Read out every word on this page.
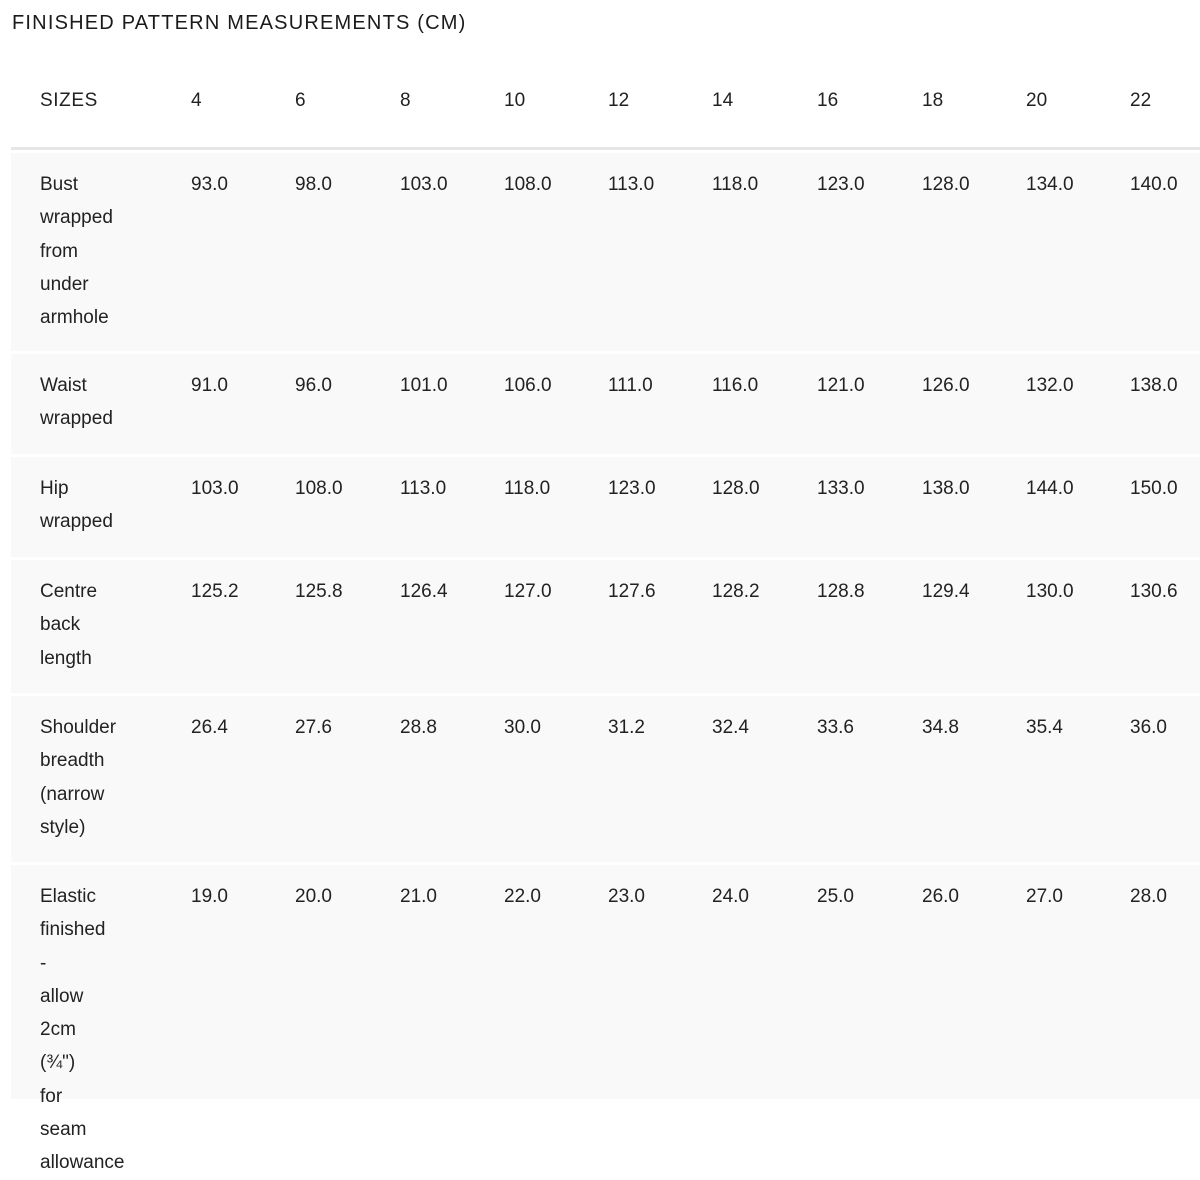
FINISHED PATTERN MEASUREMENTS (CM)
SIZES	4	6	8	10	12	14	16	18	20	22
Bust wrapped from under armhole
93.0	98.0	103.0	108.0	113.0	118.0	123.0	128.0	134.0	140.0
Waist wrapped
91.0	96.0	101.0	106.0	111.0	116.0	121.0	126.0	132.0	138.0
Hip wrapped
103.0	108.0	113.0	118.0	123.0	128.0	133.0	138.0	144.0	150.0
Centre back length
125.2	125.8	126.4	127.0	127.6	128.2	128.8	129.4	130.0	130.6
Shoulder breadth (narrow style)
26.4	27.6	28.8	30.0	31.2	32.4	33.6	34.8	35.4	36.0
Elastic finished - allow 2cm (¾") for seam allowance
19.0	20.0	21.0	22.0	23.0	24.0	25.0	26.0	27.0	28.0
